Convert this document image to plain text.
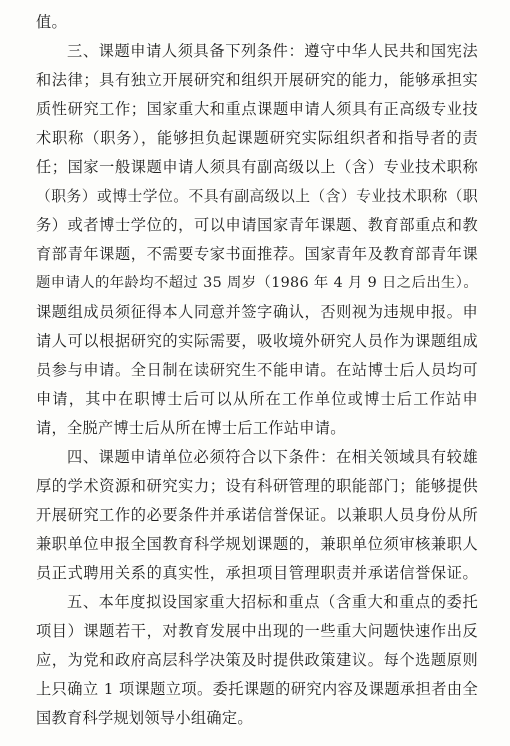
值。
三、课题申请人须具备下列条件：遵守中华人民共和国宪法
和法律；具有独立开展研究和组织开展研究的能力，能够承担实
质性研究工作；国家重大和重点课题申请人须具有正高级专业技
术职称（职务），能够担负起课题研究实际组织者和指导者的责
任；国家一般课题申请人须具有副高级以上（含）专业技术职称
（职务）或博士学位。不具有副高级以上（含）专业技术职称（职
务）或者博士学位的，可以申请国家青年课题、教育部重点和教
育部青年课题，不需要专家书面推荐。国家青年及教育部青年课
题申请人的年龄均不超过 35 周岁（1986 年 4 月 9 日之后出生）。
课题组成员须征得本人同意并签字确认，否则视为违规申报。申
请人可以根据研究的实际需要，吸收境外研究人员作为课题组成
员参与申请。全日制在读研究生不能申请。在站博士后人员均可
申请，其中在职博士后可以从所在工作单位或博士后工作站申
请，全脱产博士后从所在博士后工作站申请。
四、课题申请单位必须符合以下条件：在相关领域具有较雄
厚的学术资源和研究实力；设有科研管理的职能部门；能够提供
开展研究工作的必要条件并承诺信誉保证。以兼职人员身份从所
兼职单位申报全国教育科学规划课题的，兼职单位须审核兼职人
员正式聘用关系的真实性，承担项目管理职责并承诺信誉保证。
五、本年度拟设国家重大招标和重点（含重大和重点的委托
项目）课题若干，对教育发展中出现的一些重大问题快速作出反
应，为党和政府高层科学决策及时提供政策建议。每个选题原则
上只确立 1 项课题立项。委托课题的研究内容及课题承担者由全
国教育科学规划领导小组确定。
